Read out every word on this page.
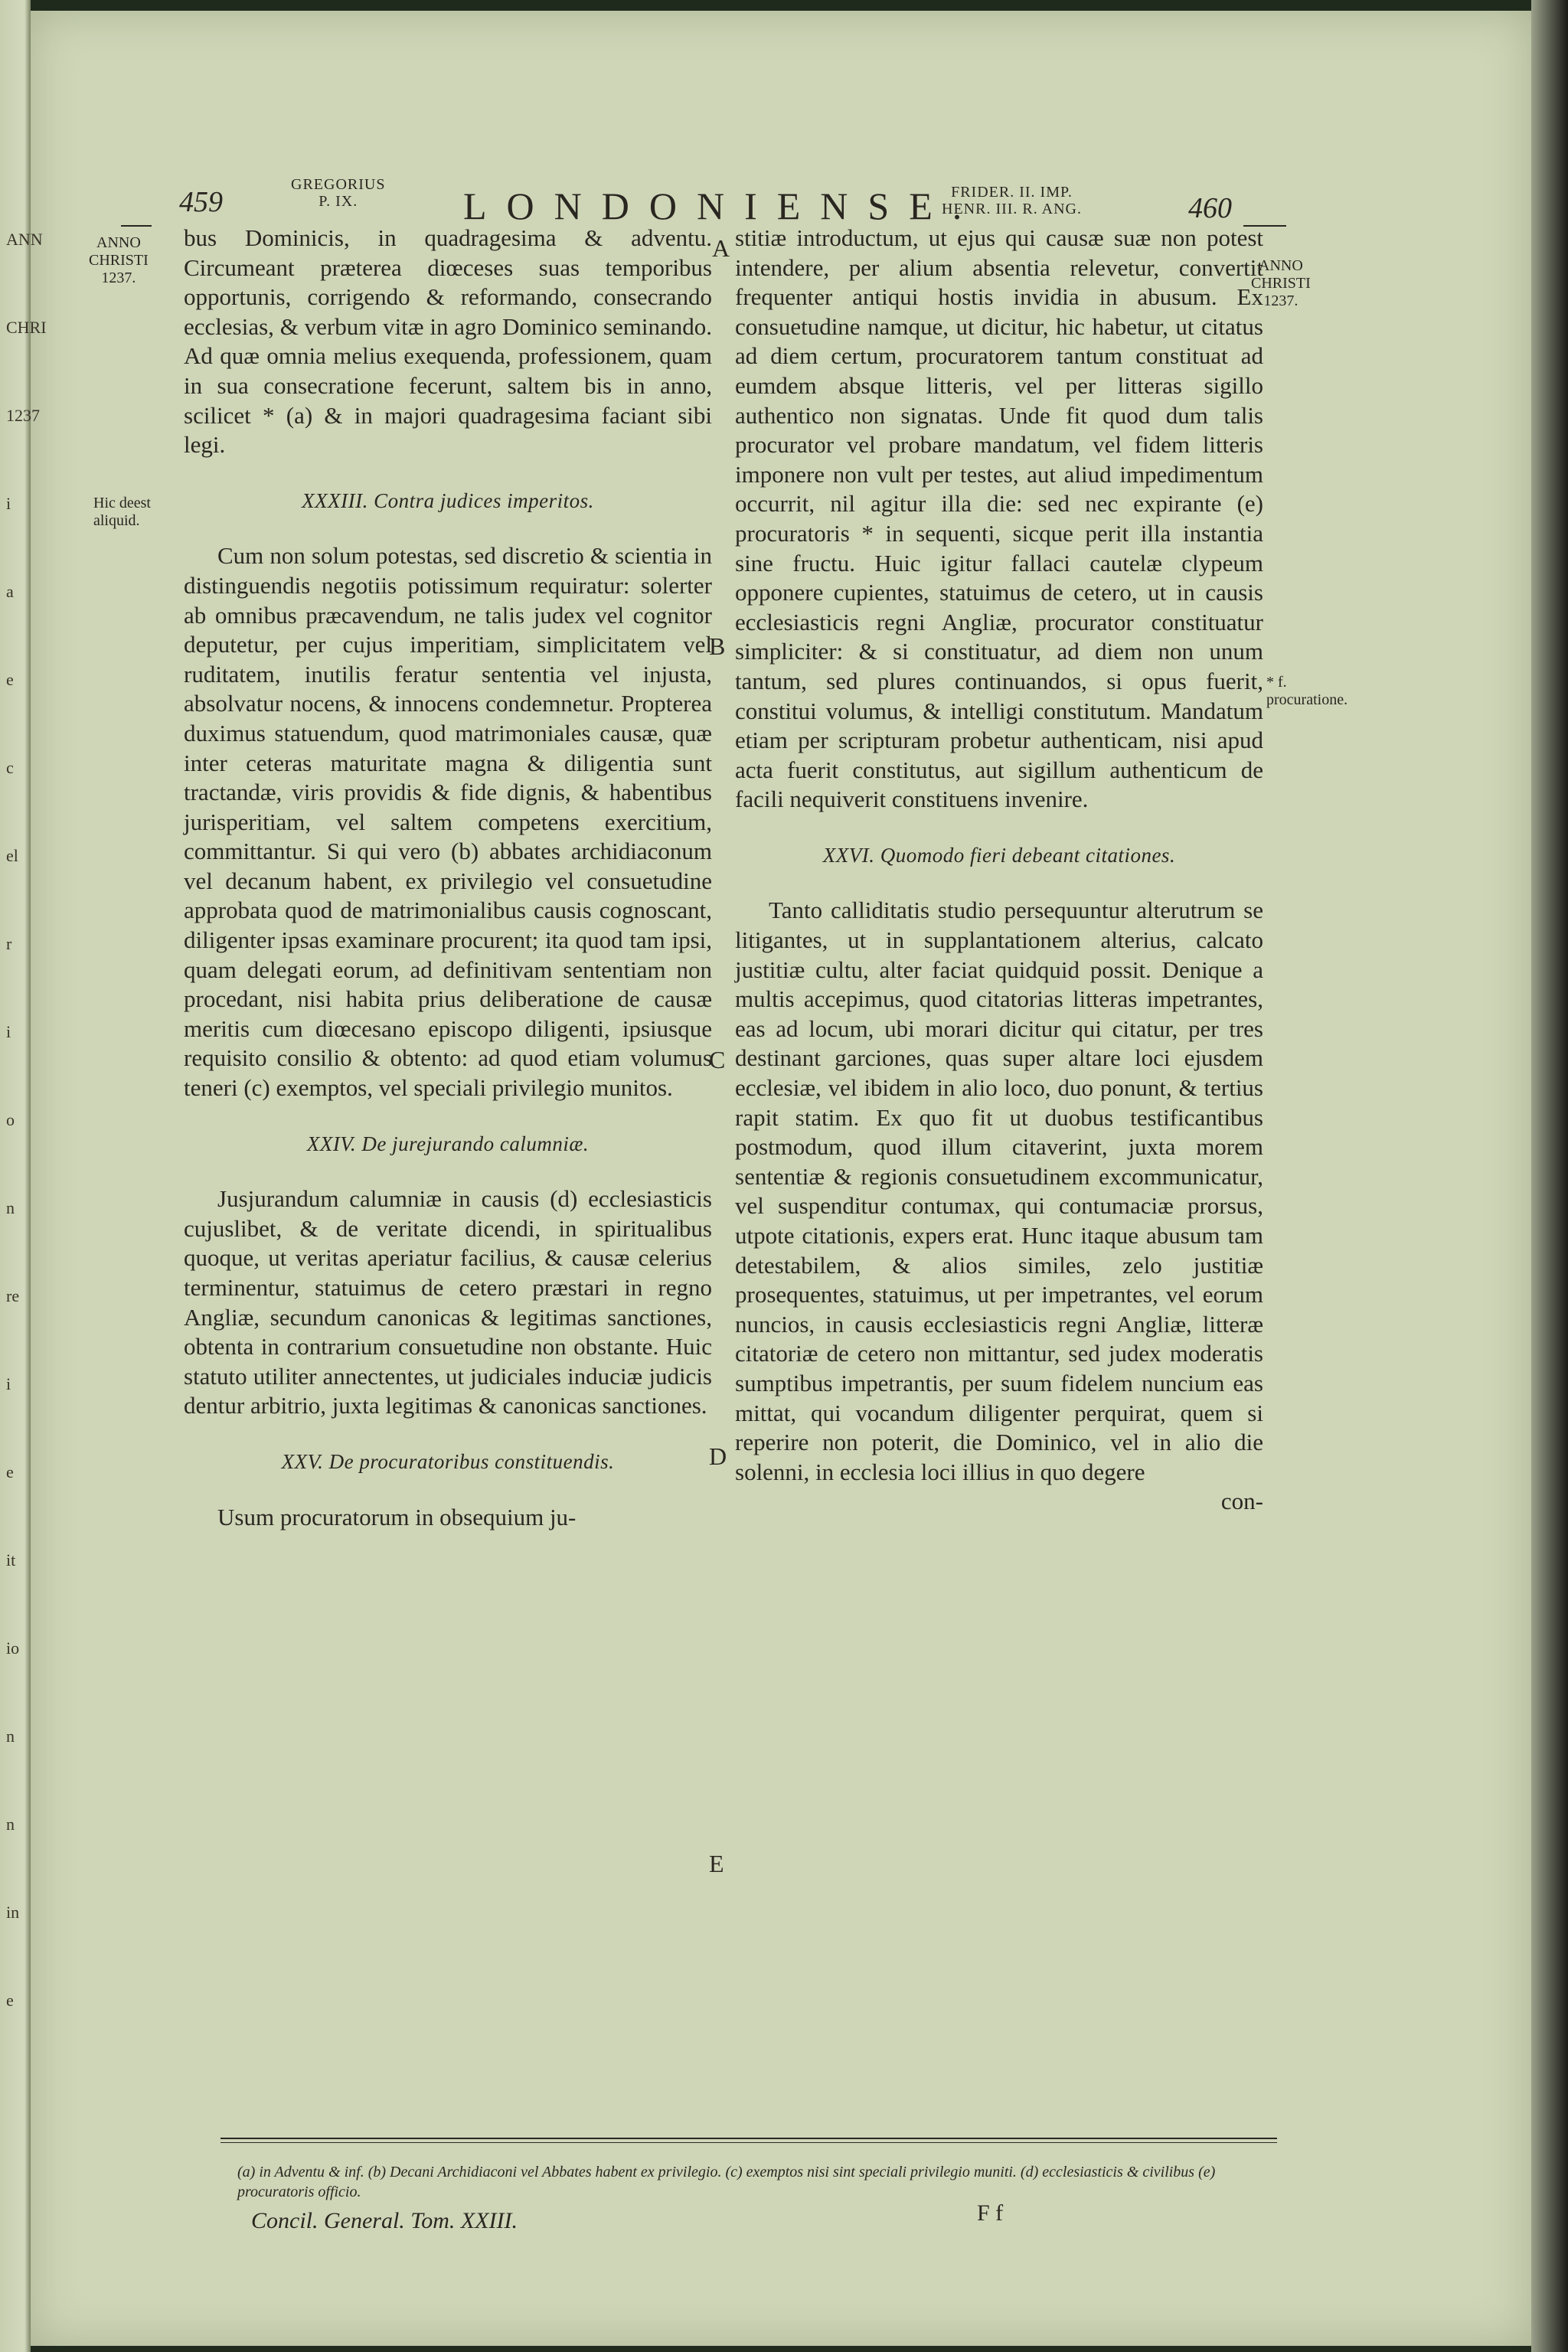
459
GREGORIUS
P. IX.	LONDONIENSE.
FRIDER. II. IMP.
HENR. III. R. ANG.	460
ANNO
CHRISTI
1237.
Hic deest aliquid.
ANNO
CHRISTI
1237.
* f. procuratione.
A
B
C
D
E

bus Dominicis, in quadragesima & adventu. Circumeant præterea diœceses suas temporibus opportunis, corrigendo & reformando, consecrando ecclesias, & verbum vitæ in agro Dominico seminando. Ad quæ omnia melius exequenda, professionem, quam in sua consecratione fecerunt, saltem bis in anno, scilicet * (a) & in majori quadragesima faciant sibi legi.

XXXIII. Contra judices imperitos.

Cum non solum potestas, sed discretio & scientia in distinguendis negotiis potissimum requiratur: solerter ab omnibus præcavendum, ne talis judex vel cognitor deputetur, per cujus imperitiam, simplicitatem vel ruditatem, inutilis feratur sententia vel injusta, absolvatur nocens, & innocens condemnetur. Propterea duximus statuendum, quod matrimoniales causæ, quæ inter ceteras maturitate magna & diligentia sunt tractandæ, viris providis & fide dignis, & habentibus jurisperitiam, vel saltem competens exercitium, committantur. Si qui vero (b) abbates archidiaconum vel decanum habent, ex privilegio vel consuetudine approbata quod de matrimonialibus causis cognoscant, diligenter ipsas examinare procurent; ita quod tam ipsi, quam delegati eorum, ad definitivam sententiam non procedant, nisi habita prius deliberatione de causæ meritis cum diœcesano episcopo diligenti, ipsiusque requisito consilio & obtento: ad quod etiam volumus teneri (c) exemptos, vel speciali privilegio munitos.

XXIV. De jurejurando calumniæ.

Jusjurandum calumniæ in causis (d) ecclesiasticis cujuslibet, & de veritate dicendi, in spiritualibus quoque, ut veritas aperiatur facilius, & causæ celerius terminentur, statuimus de cetero præstari in regno Angliæ, secundum canonicas & legitimas sanctiones, obtenta in contrarium consuetudine non obstante. Huic statuto utiliter annectentes, ut judiciales induciæ judicis dentur arbitrio, juxta legitimas & canonicas sanctiones.

XXV. De procuratoribus constituendis.

Usum procuratorum in obsequium ju-

stitiæ introductum, ut ejus qui causæ suæ non potest intendere, per alium absentia relevetur, convertit frequenter antiqui hostis invidia in abusum. Ex consuetudine namque, ut dicitur, hic habetur, ut citatus ad diem certum, procuratorem tantum constituat ad eumdem absque litteris, vel per litteras sigillo authentico non signatas. Unde fit quod dum talis procurator vel probare mandatum, vel fidem litteris imponere non vult per testes, aut aliud impedimentum occurrit, nil agitur illa die: sed nec expirante (e) procuratoris * in sequenti, sicque perit illa instantia sine fructu. Huic igitur fallaci cautelæ clypeum opponere cupientes, statuimus de cetero, ut in causis ecclesiasticis regni Angliæ, procurator constituatur simpliciter: & si constituatur, ad diem non unum tantum, sed plures continuandos, si opus fuerit, constitui volumus, & intelligi constitutum. Mandatum etiam per scripturam probetur authenticam, nisi apud acta fuerit constitutus, aut sigillum authenticum de facili nequiverit constituens invenire.

XXVI. Quomodo fieri debeant citationes.

Tanto calliditatis studio persequuntur alterutrum se litigantes, ut in supplantationem alterius, calcato justitiæ cultu, alter faciat quidquid possit. Denique a multis accepimus, quod citatorias litteras impetrantes, eas ad locum, ubi morari dicitur qui citatur, per tres destinant garciones, quas super altare loci ejusdem ecclesiæ, vel ibidem in alio loco, duo ponunt, & tertius rapit statim. Ex quo fit ut duobus testificantibus postmodum, quod illum citaverint, juxta morem sententiæ & regionis consuetudinem excommunicatur, vel suspenditur contumax, qui contumaciæ prorsus, utpote citationis, expers erat. Hunc itaque abusum tam detestabilem, & alios similes, zelo justitiæ prosequentes, statuimus, ut per impetrantes, vel eorum nuncios, in causis ecclesiasticis regni Angliæ, litteræ citatoriæ de cetero non mittantur, sed judex moderatis sumptibus impetrantis, per suum fidelem nuncium eas mittat, qui vocandum diligenter perquirat, quem si reperire non poterit, die Dominico, vel in alio die solenni, in ecclesia loci illius in quo degere

con-

(a) in Adventu & inf. (b) Decani Archidiaconi vel Abbates habent ex privilegio. (c) exemptos nisi sint speciali privilegio muniti. (d) ecclesiasticis & civilibus (e) procuratoris officio.
Concil. General. Tom. XXIII.	F f
ANN
CHRI
1237
i
a
e
c
el
r
i
o
n
re
i
e
it
io
n
n
in
e
